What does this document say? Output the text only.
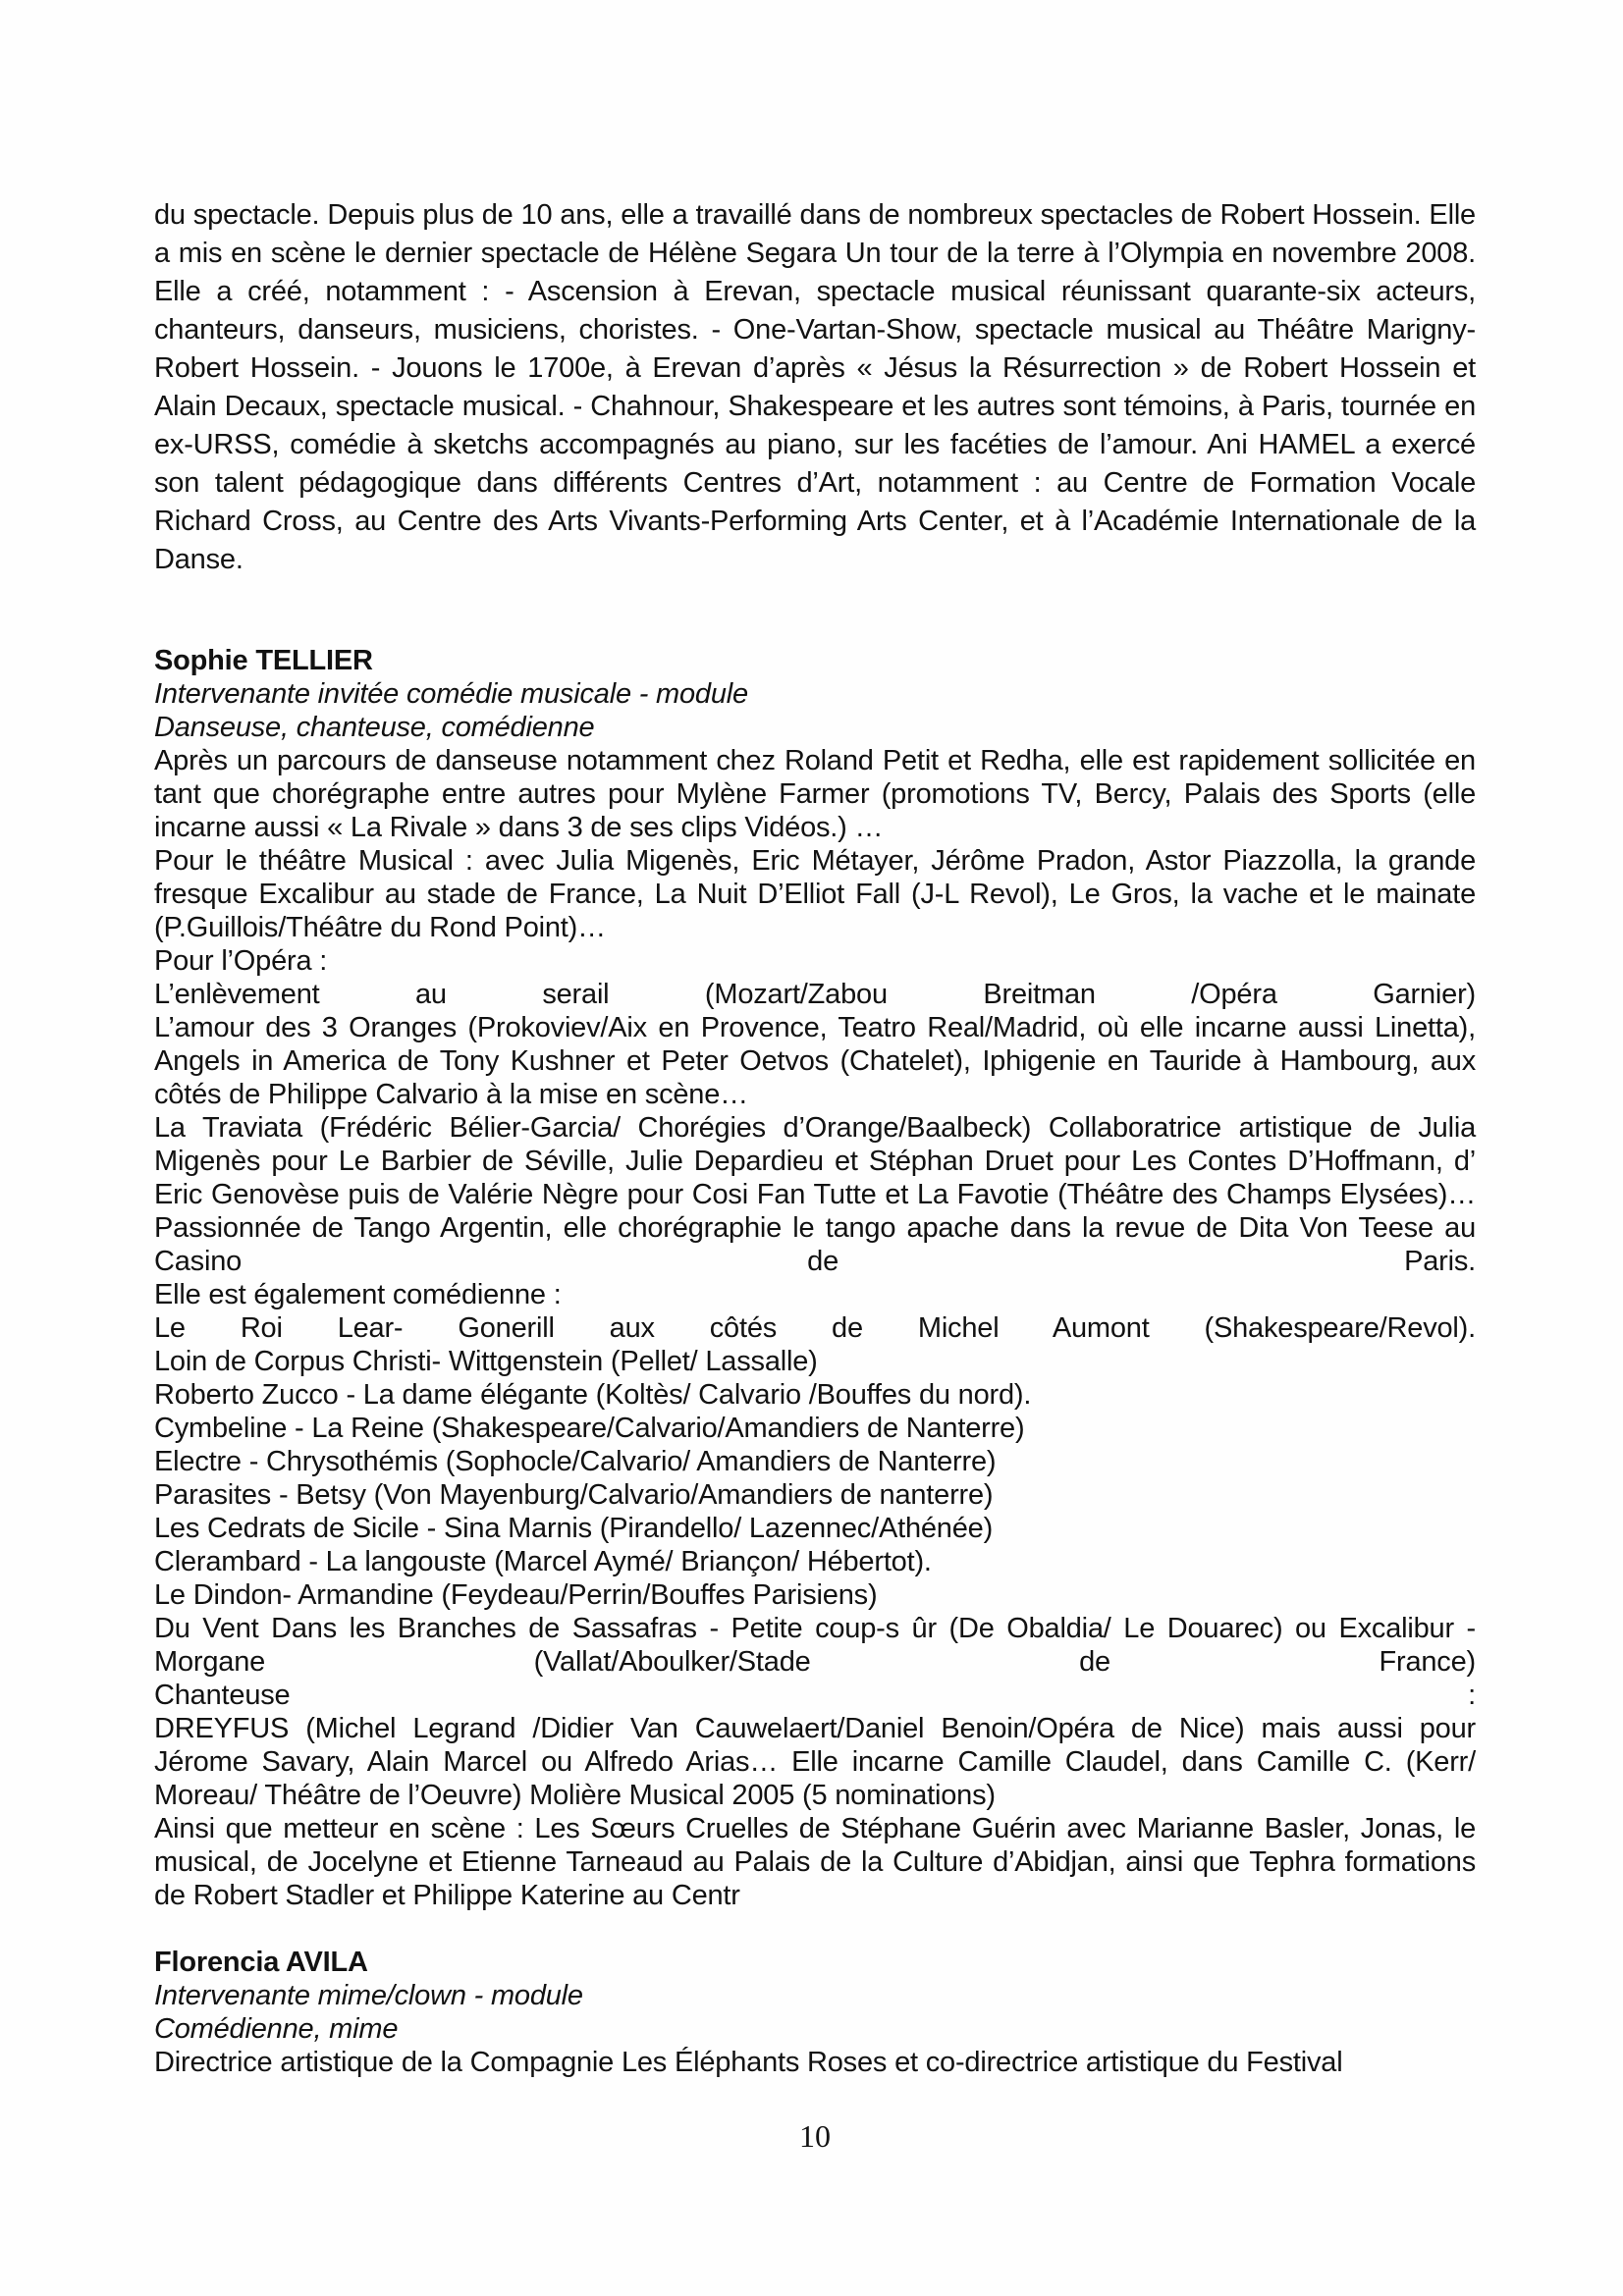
du spectacle. Depuis plus de 10 ans, elle a travaillé dans de nombreux spectacles de Robert Hossein. Elle a mis en scène le dernier spectacle de Hélène Segara Un tour de la terre à l’Olympia en novembre 2008. Elle a créé, notamment : - Ascension à Erevan, spectacle musical réunissant quarante-six acteurs, chanteurs, danseurs, musiciens, choristes. - One-Vartan-Show, spectacle musical au Théâtre Marigny-Robert Hossein. - Jouons le 1700e, à Erevan d’après « Jésus la Résurrection » de Robert Hossein et Alain Decaux, spectacle musical. - Chahnour, Shakespeare et les autres sont témoins, à Paris, tournée en ex-URSS, comédie à sketchs accompagnés au piano, sur les facéties de l’amour. Ani HAMEL a exercé son talent pédagogique dans différents Centres d’Art, notamment : au Centre de Formation Vocale Richard Cross, au Centre des Arts Vivants-Performing Arts Center, et à l’Académie Internationale de la Danse.
Sophie TELLIER
Intervenante invitée comédie musicale - module
Danseuse, chanteuse, comédienne
Après un parcours de danseuse notamment chez Roland Petit et Redha, elle est rapidement sollicitée en tant que chorégraphe entre autres pour Mylène Farmer (promotions TV, Bercy, Palais des Sports (elle incarne aussi « La Rivale » dans 3 de ses clips Vidéos.) …
Pour le théâtre Musical : avec Julia Migenès, Eric Métayer, Jérôme Pradon, Astor Piazzolla, la grande fresque Excalibur au stade de France, La Nuit D’Elliot Fall (J-L Revol), Le Gros, la vache et le mainate (P.Guillois/Théâtre du Rond Point)…
Pour l’Opéra :
L’enlèvement au serail (Mozart/Zabou Breitman /Opéra Garnier)
L’amour des 3 Oranges (Prokoviev/Aix en Provence, Teatro Real/Madrid, où elle incarne aussi Linetta), Angels in America de Tony Kushner et Peter Oetvos (Chatelet), Iphigenie en Tauride à Hambourg, aux côtés de Philippe Calvario à la mise en scène…
La Traviata (Frédéric Bélier-Garcia/ Chorégies d’Orange/Baalbeck) Collaboratrice artistique de Julia Migenès pour Le Barbier de Séville, Julie Depardieu et Stéphan Druet pour Les Contes D’Hoffmann, d’ Eric Genovèse puis de Valérie Nègre pour Cosi Fan Tutte et La Favotie (Théâtre des Champs Elysées)… Passionnée de Tango Argentin, elle chorégraphie le tango apache dans la revue de Dita Von Teese au Casino de Paris.
Elle est également comédienne :
Le Roi Lear- Gonerill aux côtés de Michel Aumont (Shakespeare/Revol).
Loin de Corpus Christi- Wittgenstein (Pellet/ Lassalle)
Roberto Zucco - La dame élégante (Koltès/ Calvario /Bouffes du nord).
Cymbeline - La Reine (Shakespeare/Calvario/Amandiers de Nanterre)
Electre - Chrysothémis (Sophocle/Calvario/ Amandiers de Nanterre)
Parasites - Betsy (Von Mayenburg/Calvario/Amandiers de nanterre)
Les Cedrats de Sicile - Sina Marnis (Pirandello/ Lazennec/Athénée)
Clerambard - La langouste (Marcel Aymé/ Briançon/ Hébertot).
Le Dindon- Armandine (Feydeau/Perrin/Bouffes Parisiens)
Du Vent Dans les Branches de Sassafras - Petite coup-s ûr (De Obaldia/ Le Douarec) ou Excalibur - Morgane (Vallat/Aboulker/Stade de France)
Chanteuse :
DREYFUS (Michel Legrand /Didier Van Cauwelaert/Daniel Benoin/Opéra de Nice) mais aussi pour Jérome Savary, Alain Marcel ou Alfredo Arias… Elle incarne Camille Claudel, dans Camille C. (Kerr/ Moreau/ Théâtre de l’Oeuvre) Molière Musical 2005 (5 nominations)
Ainsi que metteur en scène : Les Sœurs Cruelles de Stéphane Guérin avec Marianne Basler, Jonas, le musical, de Jocelyne et Etienne Tarneaud au Palais de la Culture d’Abidjan, ainsi que Tephra formations de Robert Stadler et Philippe Katerine au Centr
Florencia AVILA
Intervenante mime/clown - module
Comédienne, mime
Directrice artistique de la Compagnie Les Éléphants Roses et co-directrice artistique du Festival
10
